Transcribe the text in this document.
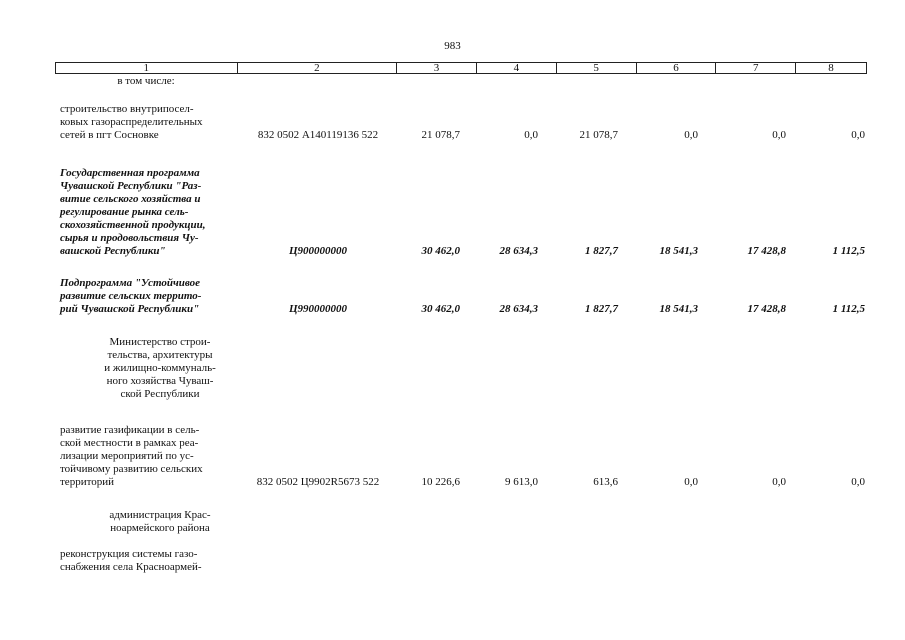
983
1	2	3	4	5	6	7	8
в том числе:
строительство внутрипосел-
ковых газораспределительных
сетей в пгт Сосновке	832 0502 А140119136 522	21 078,7	0,0	21 078,7	0,0	0,0	0,0
Государственная программа
Чувашской Республики "Раз-
витие сельского хозяйства и
регулирование рынка сель-
скохозяйственной продукции,
сырья и продовольствия Чу-
вашской Республики"	Ц900000000	30 462,0	28 634,3	1 827,7	18 541,3	17 428,8	1 112,5
Подпрограмма "Устойчивое
развитие сельских террито-
рий Чувашской Республики"	Ц990000000	30 462,0	28 634,3	1 827,7	18 541,3	17 428,8	1 112,5
Министерство строи-
тельства, архитектуры
и жилищно-коммуналь-
ного хозяйства Чуваш-
ской Республики
развитие газификации в сель-
ской местности в рамках реа-
лизации мероприятий по ус-
тойчивому развитию сельских
территорий	832 0502 Ц9902R5673 522	10 226,6	9 613,0	613,6	0,0	0,0	0,0
администрация Крас-
ноармейского района
реконструкция системы газо-
снабжения села Красноармей-
